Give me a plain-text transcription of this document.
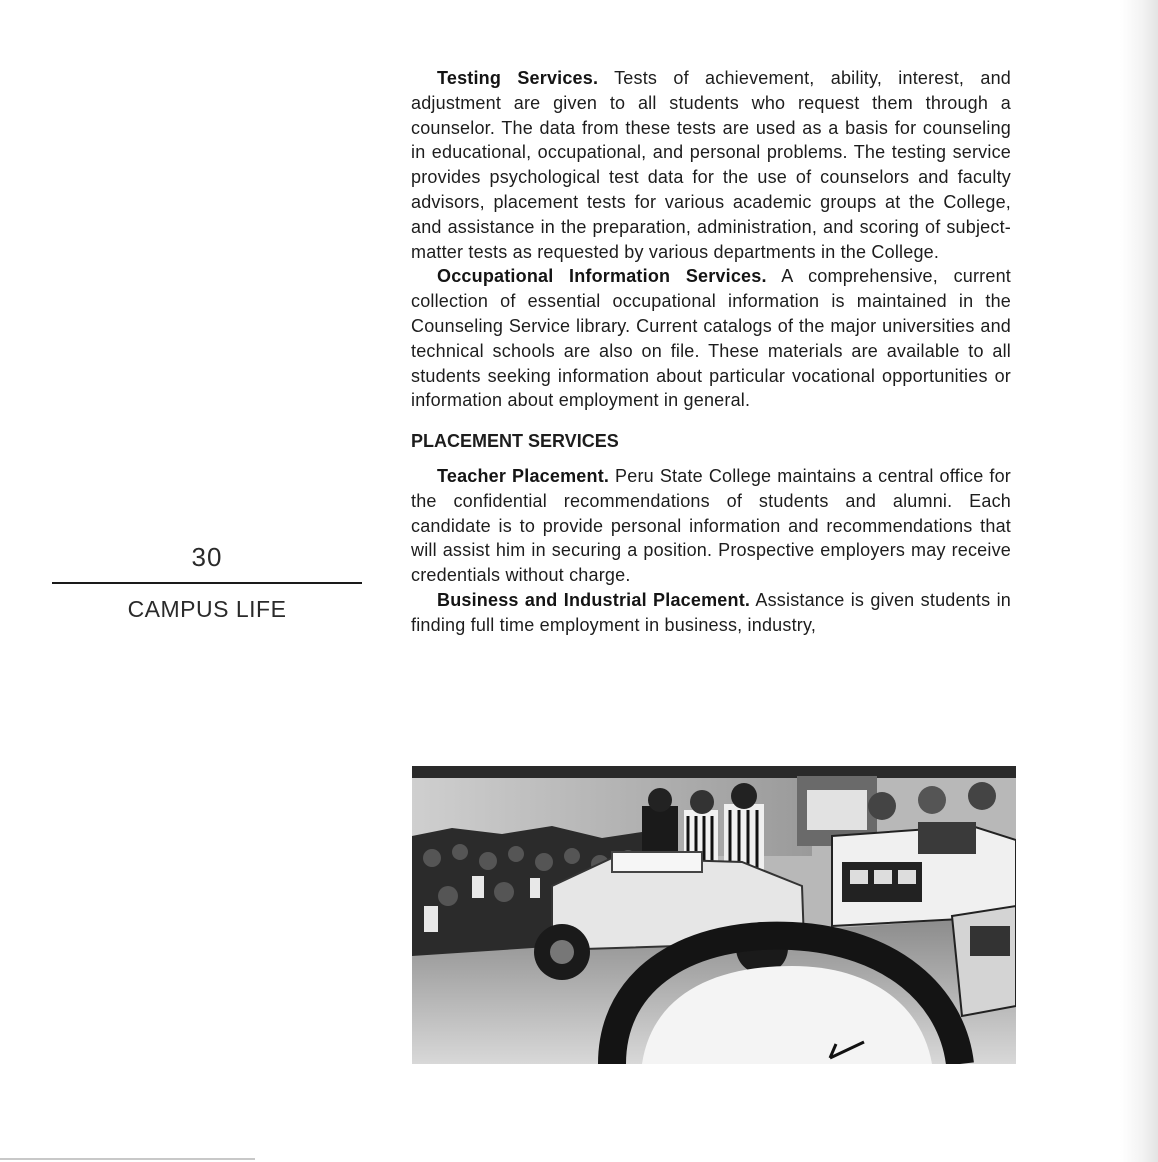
30
CAMPUS LIFE

Testing Services. Tests of achievement, ability, interest, and adjustment are given to all students who request them through a counselor. The data from these tests are used as a basis for counseling in educational, occupational, and personal problems. The testing service provides psychological test data for the use of counselors and faculty advisors, placement tests for various academic groups at the College, and assistance in the preparation, administration, and scoring of subject-matter tests as requested by various departments in the College.

Occupational Information Services. A comprehensive, current collection of essential occupational information is maintained in the Counseling Service library. Current catalogs of the major universities and technical schools are also on file. These materials are available to all students seeking information about particular vocational opportunities or information about employment in general.

PLACEMENT SERVICES

Teacher Placement. Peru State College maintains a central office for the confidential recommendations of students and alumni. Each candidate is to provide personal information and recommendations that will assist him in securing a position. Prospective employers may receive credentials without charge.

Business and Industrial Placement. Assistance is given students in finding full time employment in business, industry,
